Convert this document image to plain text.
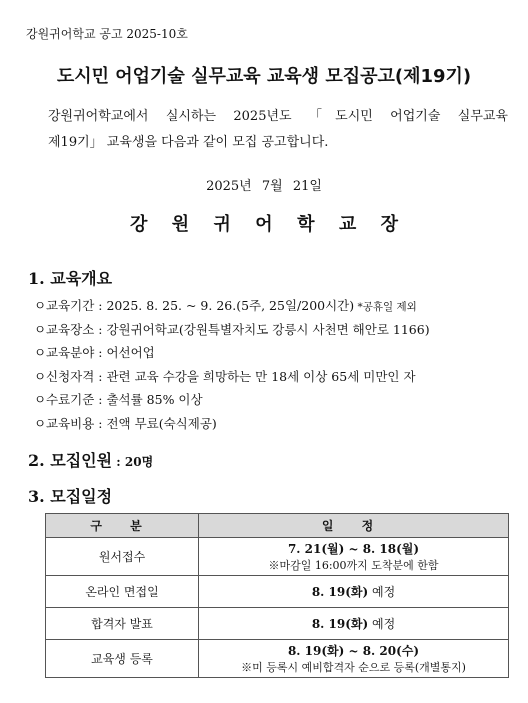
강원귀어학교 공고 2025-10호
도시민 어업기술 실무교육 교육생 모집공고(제19기)
강원귀어학교에서 실시하는 2025년도 「도시민 어업기술 실무교육
제19기」 교육생을 다음과 같이 모집 공고합니다.
2025년 7월 21일
강 원 귀 어 학 교 장
1. 교육개요
ㅇ교육기간 : 2025. 8. 25. ~ 9. 26.(5주, 25일/200시간) *공휴일 제외
ㅇ교육장소 : 강원귀어학교(강원특별자치도 강릉시 사천면 해안로 1166)
ㅇ교육분야 : 어선어업
ㅇ신청자격 : 관련 교육 수강을 희망하는 만 18세 이상 65세 미만인 자
ㅇ수료기준 : 출석률 85% 이상
ㅇ교육비용 : 전액 무료(숙식제공)
2. 모집인원 : 20명
3. 모집일정
구 분	일 정
원서접수	7. 21(월) ~ 8. 18(월)
※마감일 16:00까지 도착분에 한함

온라인 면접일	8. 19(화) 예정
합격자 발표	8. 19(화) 예정
교육생 등록	8. 19(화) ~ 8. 20(수)
※미 등록시 예비합격자 순으로 등록(개별통지)
